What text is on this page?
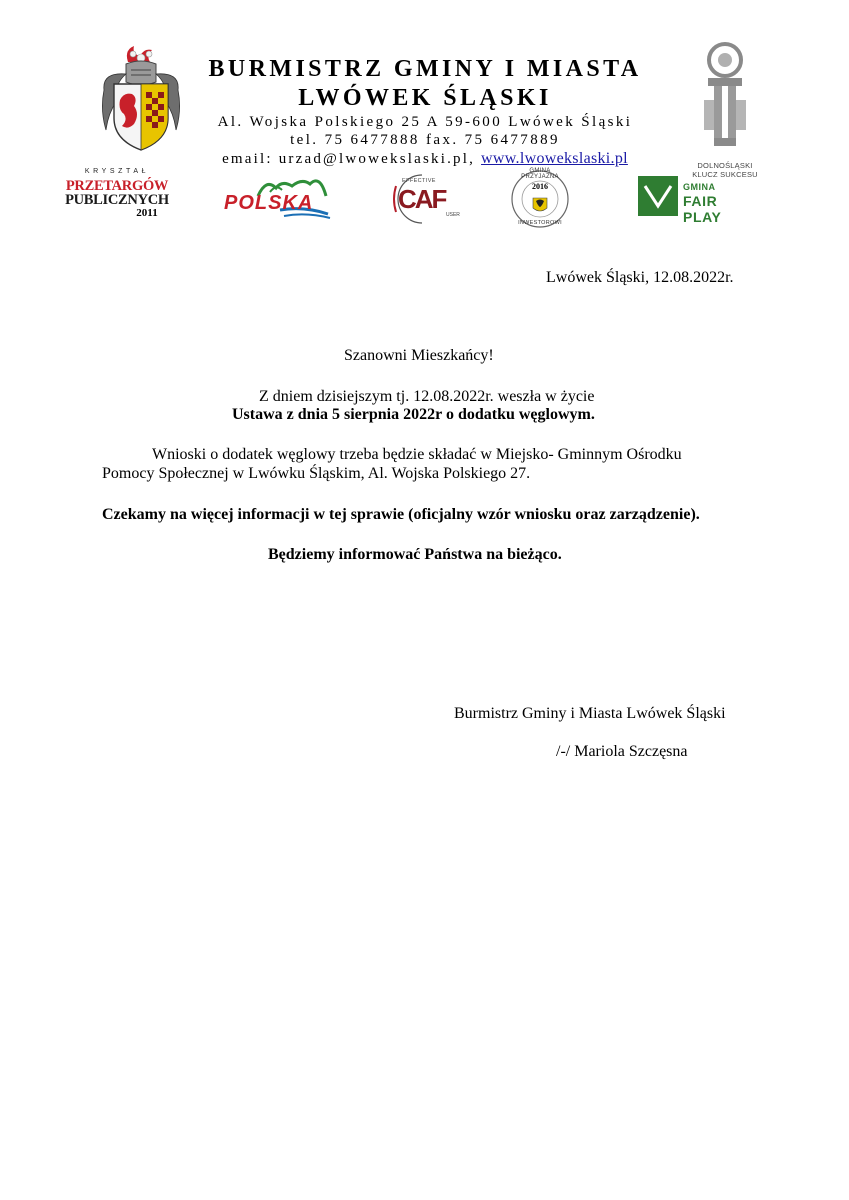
BURMISTRZ GMINY I MIASTA
LWÓWEK ŚLĄSKI
Al. Wojska Polskiego 25 A 59-600 Lwówek Śląski
tel. 75 6477888 fax. 75 6477889
email: urzad@lwowekslaski.pl, www.lwowekslaski.pl	DOLNOŚLĄSKI
KLUCZ SUKCESU
KRYSZTAŁ
PRZETARGÓW
PUBLICZNYCH
2011	POLSKA
EFFECTIVE
CAF
USER
GMINA PRZYJAZNA
2016
INWESTOROWI
GMINA
FAIR PLAY
Lwówek Śląski, 12.08.2022r.
Szanowni Mieszkańcy!
Z dniem dzisiejszym tj. 12.08.2022r. weszła w życie
Ustawa z dnia 5 sierpnia 2022r o dodatku węglowym.
Wnioski o dodatek węglowy trzeba będzie składać w Miejsko- Gminnym Ośrodku
Pomocy Społecznej w Lwówku Śląskim, Al. Wojska Polskiego 27.
Czekamy na więcej informacji w tej sprawie (oficjalny wzór wniosku oraz zarządzenie).
Będziemy informować Państwa na bieżąco.
Burmistrz Gminy i Miasta Lwówek Śląski
/-/ Mariola Szczęsna
